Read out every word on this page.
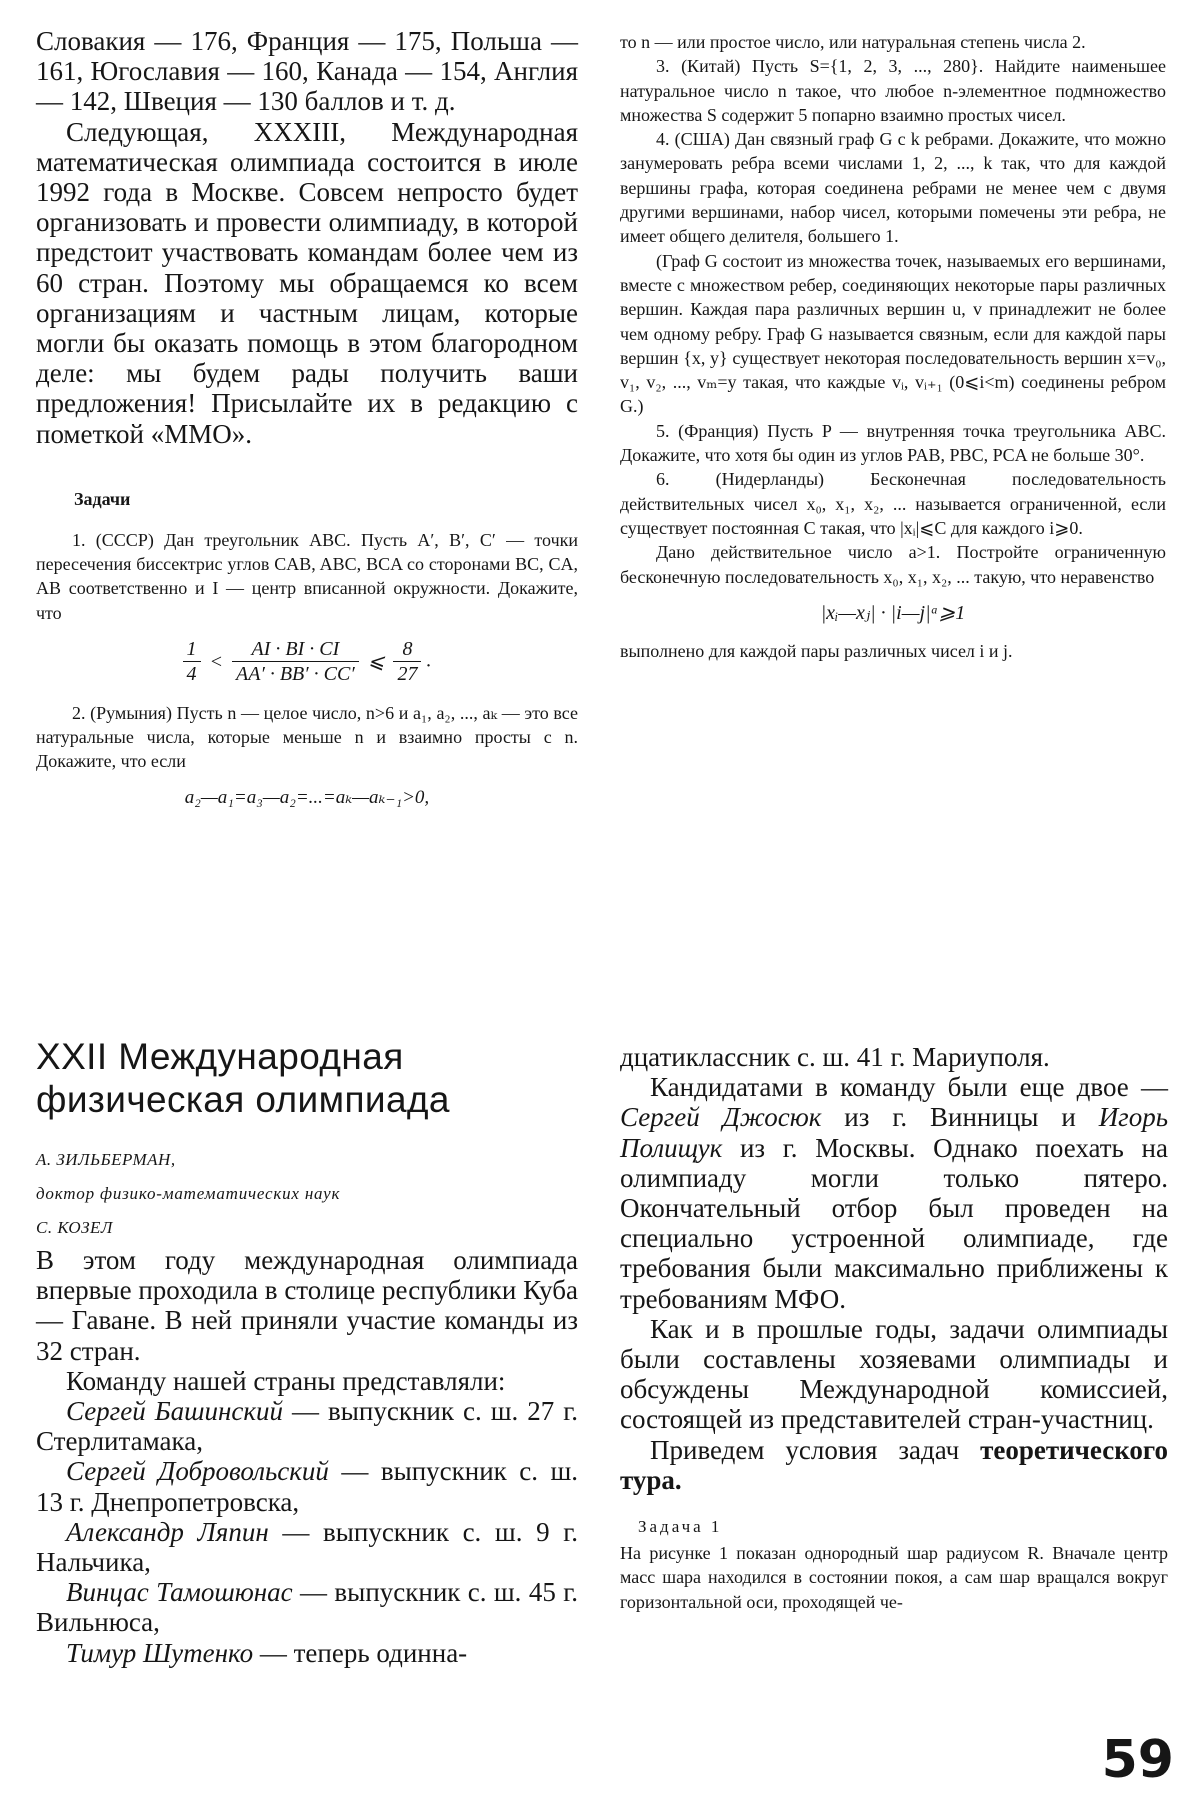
Словакия — 176, Франция — 175, Польша — 161, Югославия — 160, Канада — 154, Англия — 142, Швеция — 130 баллов и т. д.

Следующая, XXXIII, Международная математическая олимпиада состоится в июле 1992 года в Москве. Совсем непросто будет организовать и провести олимпиаду, в которой предстоит участвовать командам более чем из 60 стран. Поэтому мы обращаемся ко всем организациям и частным лицам, которые могли бы оказать помощь в этом благородном деле: мы будем рады получить ваши предложения! Присылайте их в редакцию с пометкой «ММО».

Задачи

1. (СССР) Дан треугольник ABC. Пусть A′, B′, C′ — точки пересечения биссектрис углов CAB, ABC, BCA со сторонами BC, CA, AB соответственно и I — центр вписанной окружности. Докажите, что

$\frac{1}{4} < \frac{AI \cdot BI \cdot CI}{AA' \cdot BB' \cdot CC'}$ ⩽ $\frac{8}{27}$ .

2. (Румыния) Пусть n — целое число, n>6 и a₁, a₂, ..., aₖ — это все натуральные числа, которые меньше n и взаимно просты с n. Докажите, что если

a₂—a₁=a₃—a₂=...=aₖ—aₖ₋₁>0,

то n — или простое число, или натуральная степень числа 2.

3. (Китай) Пусть S={1, 2, 3, ..., 280}. Найдите наименьшее натуральное число n такое, что любое n-элементное подмножество множества S содержит 5 попарно взаимно простых чисел.

4. (США) Дан связный граф G с k ребрами. Докажите, что можно занумеровать ребра всеми числами 1, 2, ..., k так, что для каждой вершины графа, которая соединена ребрами не менее чем с двумя другими вершинами, набор чисел, которыми помечены эти ребра, не имеет общего делителя, большего 1.

(Граф G состоит из множества точек, называемых его вершинами, вместе с множеством ребер, соединяющих некоторые пары различных вершин. Каждая пара различных вершин u, v принадлежит не более чем одному ребру. Граф G называется связным, если для каждой пары вершин {x, y} существует некоторая последовательность вершин x=v₀, v₁, v₂, ..., vₘ=y такая, что каждые vᵢ, vᵢ₊₁ (0⩽i<m) соединены ребром G.)

5. (Франция) Пусть P — внутренняя точка треугольника ABC. Докажите, что хотя бы один из углов PAB, PBC, PCA не больше 30°.

6. (Нидерланды) Бесконечная последовательность действительных чисел x₀, x₁, x₂, ... называется ограниченной, если существует постоянная C такая, что |xᵢ|⩽C для каждого i⩾0.

Дано действительное число a>1. Постройте ограниченную бесконечную последовательность x₀, x₁, x₂, ... такую, что неравенство

|xᵢ—xⱼ| · |i—j|ᵃ⩾1

выполнено для каждой пары различных чисел i и j.

XXII Международная
физическая олимпиада

А. ЗИЛЬБЕРМАН,

доктор физико-математических наук

С. КОЗЕЛ

В этом году международная олимпиада впервые проходила в столице республики Куба — Гаване. В ней приняли участие команды из 32 стран.

Команду нашей страны представляли:

Сергей Башинский — выпускник с. ш. 27 г. Стерлитамака,

Сергей Добровольский — выпускник с. ш. 13 г. Днепропетровска,

Александр Ляпин — выпускник с. ш. 9 г. Нальчика,

Винцас Тамошюнас — выпускник с. ш. 45 г. Вильнюса,

Тимур Шутенко — теперь одинна-

дцатиклассник с. ш. 41 г. Мариуполя.

Кандидатами в команду были еще двое — Сергей Джосюк из г. Винницы и Игорь Полищук из г. Москвы. Однако поехать на олимпиаду могли только пятеро. Окончательный отбор был проведен на специально устроенной олимпиаде, где требования были максимально приближены к требованиям МФО.

Как и в прошлые годы, задачи олимпиады были составлены хозяевами олимпиады и обсуждены Международной комиссией, состоящей из представителей стран-участниц.

Приведем условия задач теоретического тура.

Задача 1

На рисунке 1 показан однородный шар радиусом R. Вначале центр масс шара находился в состоянии покоя, а сам шар вращался вокруг горизонтальной оси, проходящей че-

59
